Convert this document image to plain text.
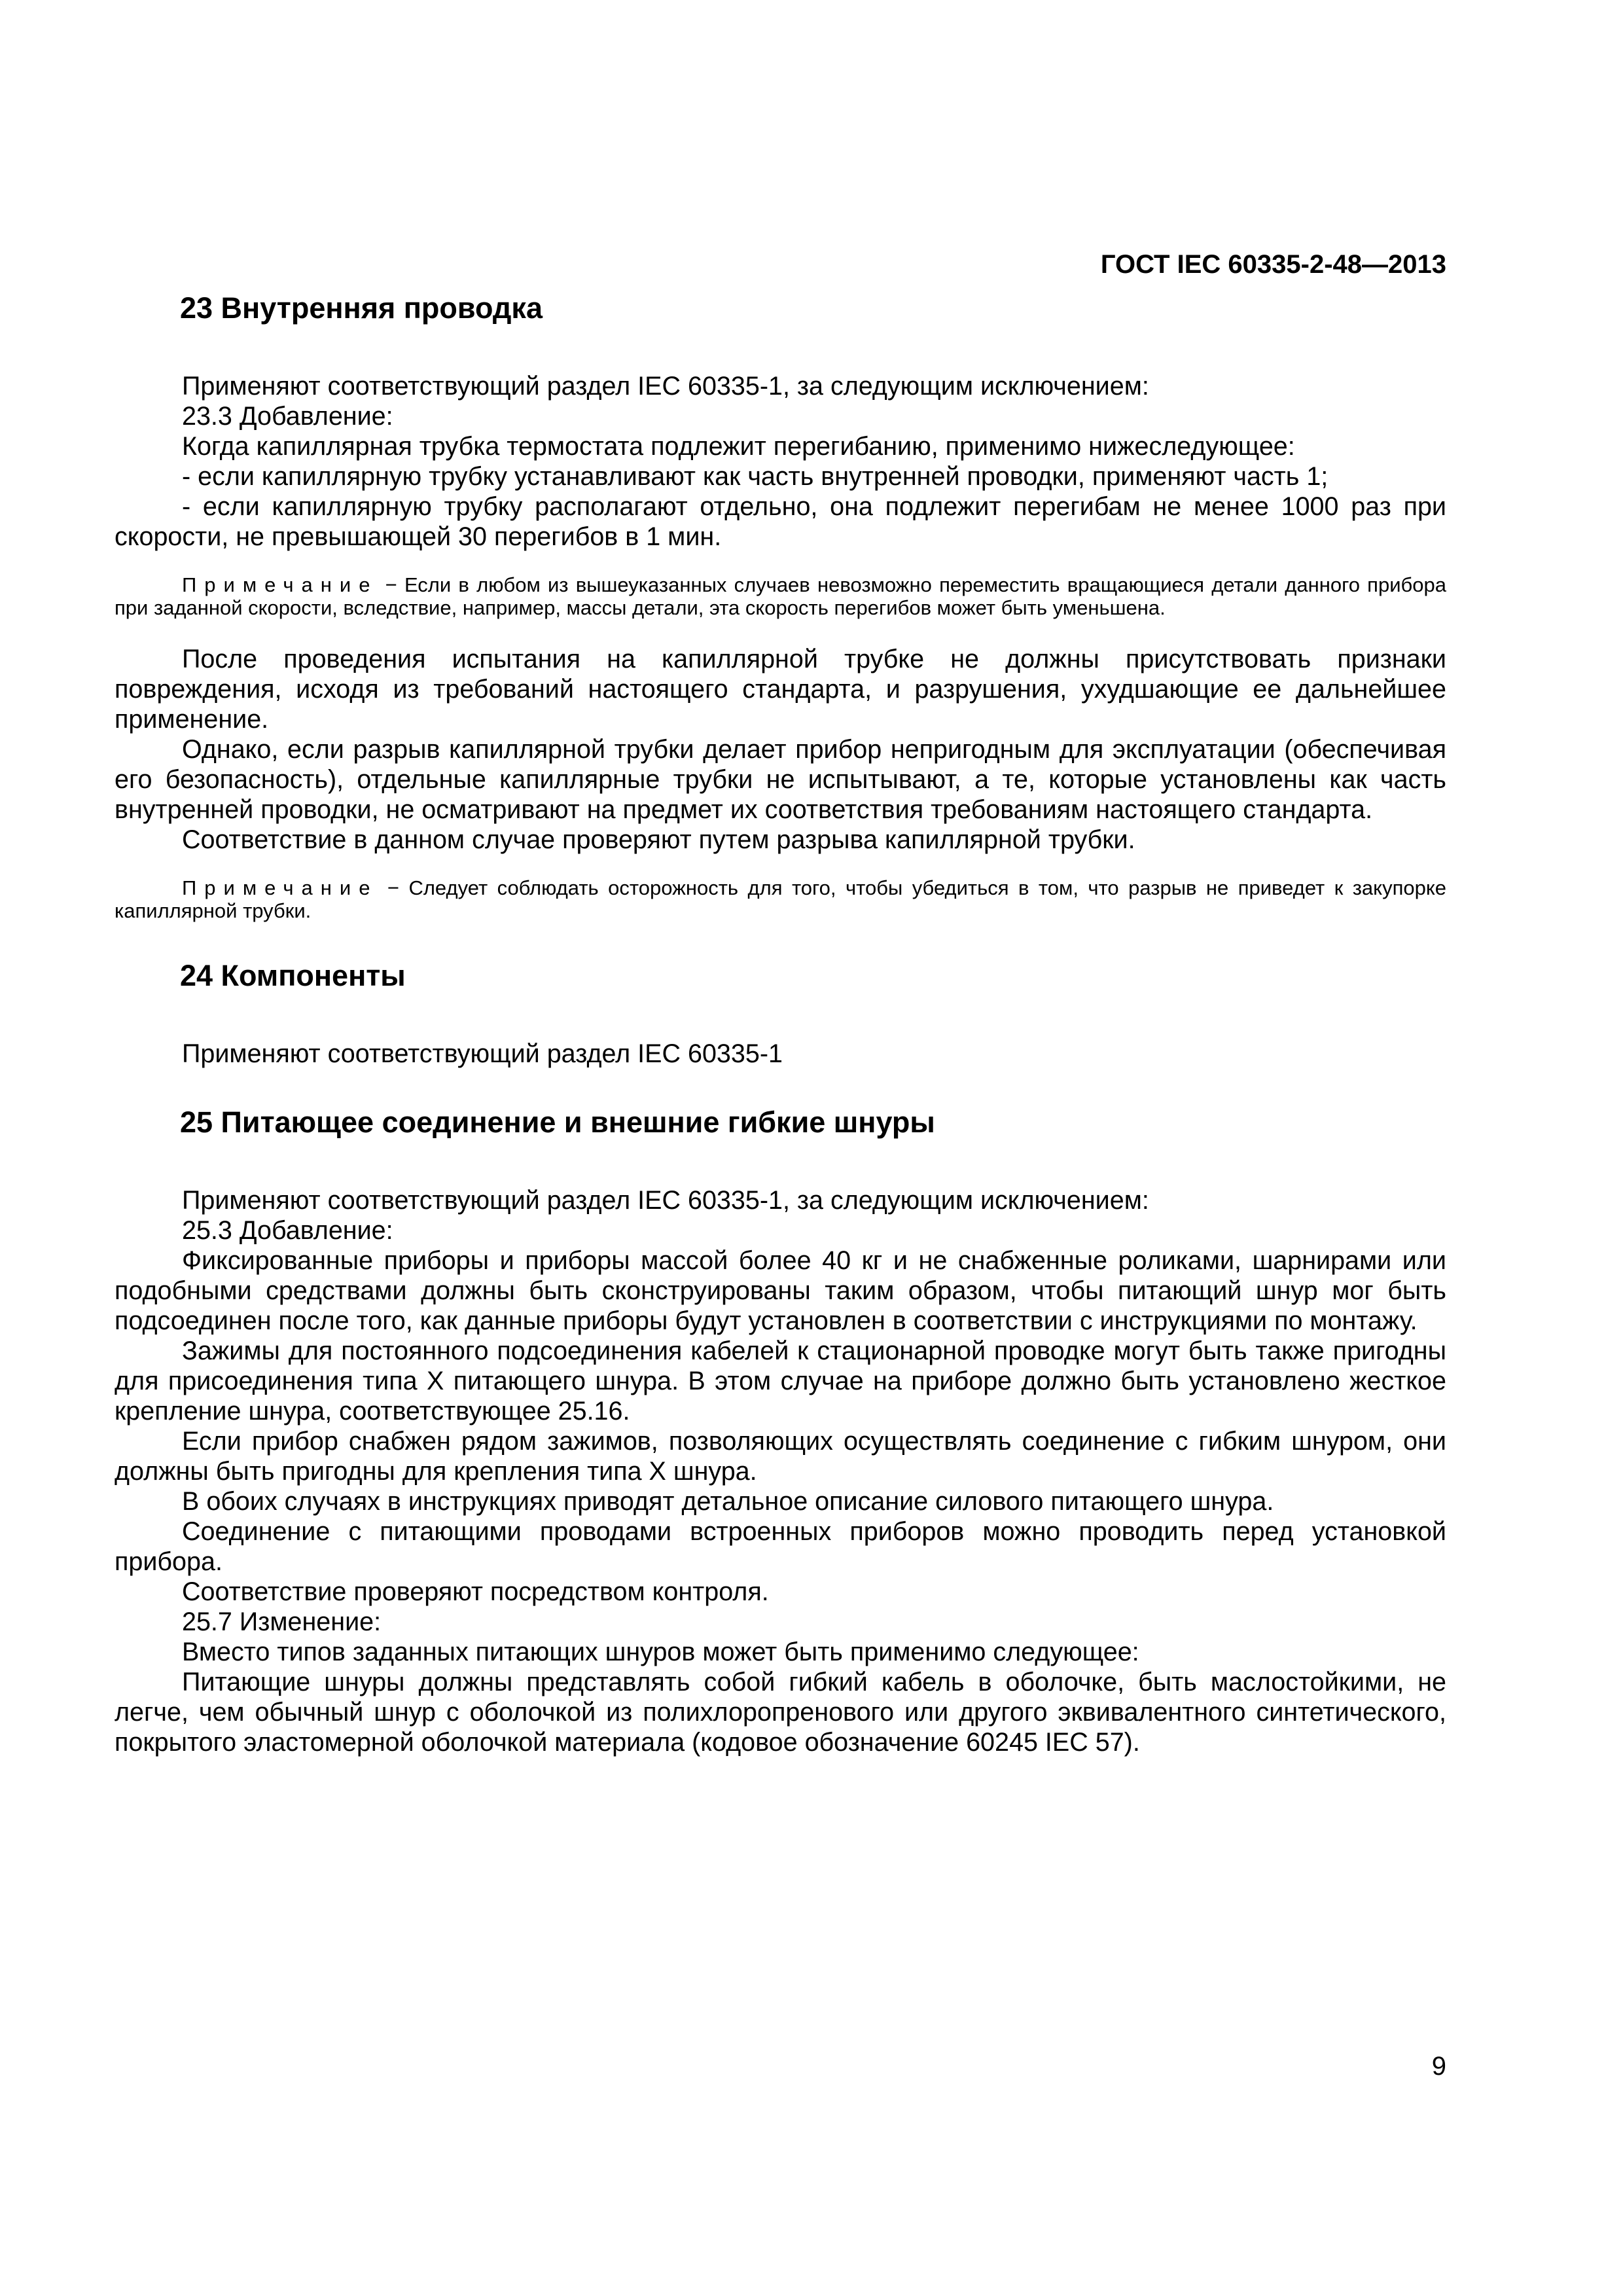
ГОСТ IEC 60335-2-48—2013
23 Внутренняя проводка

Применяют соответствующий раздел IEC 60335-1, за следующим исключением:

23.3 Добавление:

Когда капиллярная трубка термостата подлежит перегибанию, применимо нижеследующее:

- если капиллярную трубку устанавливают как часть внутренней проводки, применяют часть 1;

- если капиллярную трубку располагают отдельно, она подлежит перегибам не менее 1000 раз при скорости, не превышающей 30 перегибов в 1 мин.

Примечание − Если в любом из вышеуказанных случаев невозможно переместить вращающиеся детали данного прибора при заданной скорости, вследствие, например, массы детали, эта скорость перегибов может быть уменьшена.

После проведения испытания на капиллярной трубке не должны присутствовать признаки повреждения, исходя из требований настоящего стандарта, и разрушения, ухудшающие ее дальнейшее применение.

Однако, если разрыв капиллярной трубки делает прибор непригодным для эксплуатации (обеспечивая его безопасность), отдельные капиллярные трубки не испытывают, а те, которые установлены как часть внутренней проводки, не осматривают на предмет их соответствия требованиям настоящего стандарта.

Соответствие в данном случае проверяют путем разрыва капиллярной трубки.

Примечание − Следует соблюдать осторожность для того, чтобы убедиться в том, что разрыв не приведет к закупорке капиллярной трубки.

24 Компоненты

Применяют соответствующий раздел IEC 60335-1

25 Питающее соединение и внешние гибкие шнуры

Применяют соответствующий раздел IEC 60335-1, за следующим исключением:

25.3 Добавление:

Фиксированные приборы и приборы массой более 40 кг и не снабженные роликами, шарнирами или подобными средствами должны быть сконструированы таким образом, чтобы питающий шнур мог быть подсоединен после того, как данные приборы будут установлен в соответствии с инструкциями по монтажу.

Зажимы для постоянного подсоединения кабелей к стационарной проводке могут быть также пригодны для присоединения типа X питающего шнура. В этом случае на приборе должно быть установлено жесткое крепление шнура, соответствующее 25.16.

Если прибор снабжен рядом зажимов, позволяющих осуществлять соединение с гибким шнуром, они должны быть пригодны для крепления типа X шнура.

В обоих случаях в инструкциях приводят детальное описание силового питающего шнура.

Соединение с питающими проводами встроенных приборов можно проводить перед установкой прибора.

Соответствие проверяют посредством контроля.

25.7 Изменение:

Вместо типов заданных питающих шнуров может быть применимо следующее:

Питающие шнуры должны представлять собой гибкий кабель в оболочке, быть маслостойкими, не легче, чем обычный шнур с оболочкой из полихлоропренового или другого эквивалентного синтетического, покрытого эластомерной оболочкой материала (кодовое обозначение 60245 IEC 57).

9
